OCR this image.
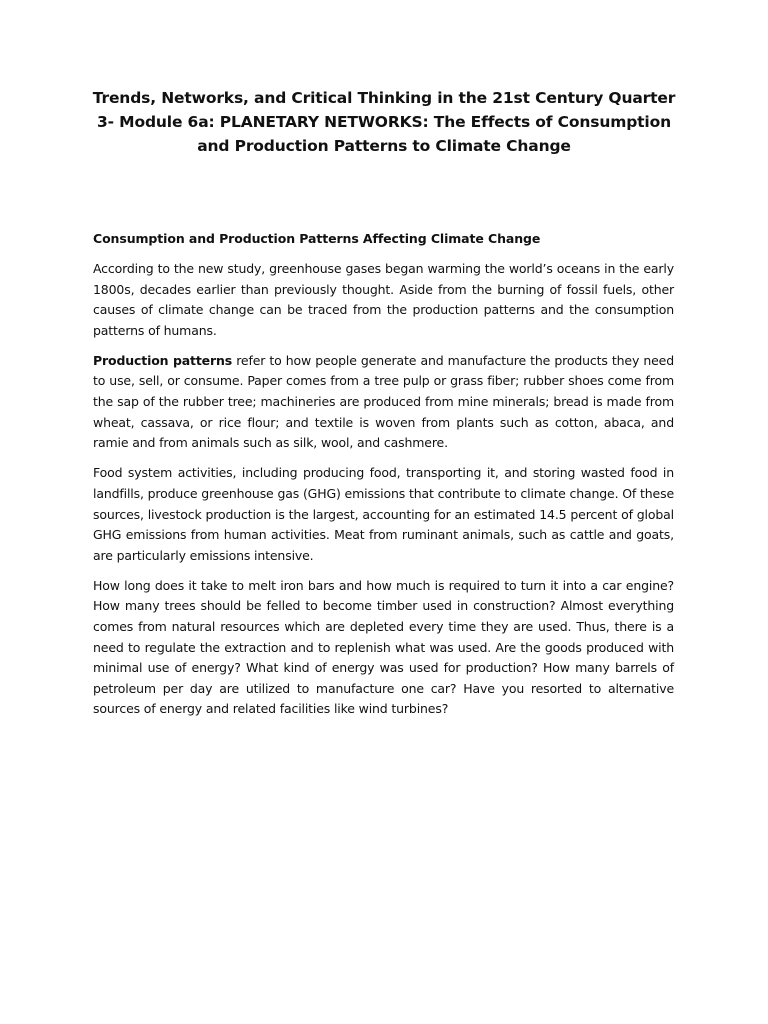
Trends, Networks, and Critical Thinking in the 21st Century Quarter 3- Module 6a: PLANETARY NETWORKS: The Effects of Consumption and Production Patterns to Climate Change
Consumption and Production Patterns Affecting Climate Change

According to the new study, greenhouse gases began warming the world’s oceans in the early 1800s, decades earlier than previously thought. Aside from the burning of fossil fuels, other causes of climate change can be traced from the production patterns and the consumption patterns of humans.

Production patterns refer to how people generate and manufacture the products they need to use, sell, or consume. Paper comes from a tree pulp or grass fiber; rubber shoes come from the sap of the rubber tree; machineries are produced from mine minerals; bread is made from wheat, cassava, or rice flour; and textile is woven from plants such as cotton, abaca, and ramie and from animals such as silk, wool, and cashmere.

Food system activities, including producing food, transporting it, and storing wasted food in landfills, produce greenhouse gas (GHG) emissions that contribute to climate change. Of these sources, livestock production is the largest, accounting for an estimated 14.5 percent of global GHG emissions from human activities. Meat from ruminant animals, such as cattle and goats, are particularly emissions intensive.

How long does it take to melt iron bars and how much is required to turn it into a car engine? How many trees should be felled to become timber used in construction? Almost everything comes from natural resources which are depleted every time they are used. Thus, there is a need to regulate the extraction and to replenish what was used. Are the goods produced with minimal use of energy? What kind of energy was used for production? How many barrels of petroleum per day are utilized to manufacture one car? Have you resorted to alternative sources of energy and related facilities like wind turbines?
